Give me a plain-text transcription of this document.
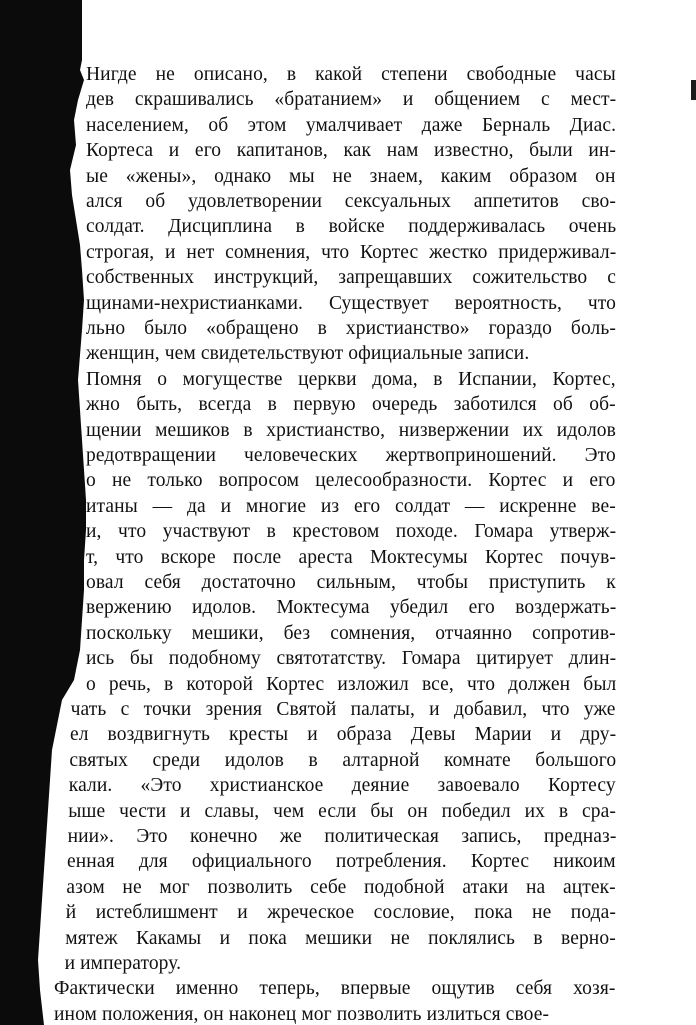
Нигде не описано, в какой степени свободные часы
дев скрашивались «братанием» и общением с мест-
населением, об этом умалчивает даже Берналь Диас.
Кортеса и его капитанов, как нам известно, были ин-
ые «жены», однако мы не знаем, каким образом он
ался об удовлетворении сексуальных аппетитов сво-
солдат. Дисциплина в войске поддерживалась очень
строгая, и нет сомнения, что Кортес жестко придерживал-
собственных инструкций, запрещавших сожительство с
щинами-нехристианками. Существует вероятность, что
льно было «обращено в христианство» гораздо боль-
женщин, чем свидетельствуют официальные записи.
Помня о могуществе церкви дома, в Испании, Кортес,
жно быть, всегда в первую очередь заботился об об-
щении мешиков в христианство, низвержении их идолов
редотвращении человеческих жертвоприношений. Это
о не только вопросом целесообразности. Кортес и его
итаны — да и многие из его солдат — искренне ве-
и, что участвуют в крестовом походе. Гомара утверж-
т, что вскоре после ареста Моктесумы Кортес почув-
овал себя достаточно сильным, чтобы приступить к
вержению идолов. Моктесума убедил его воздержать-
поскольку мешики, без сомнения, отчаянно сопротив-
ись бы подобному святотатству. Гомара цитирует длин-
о речь, в которой Кортес изложил все, что должен был
чать с точки зрения Святой палаты, и добавил, что уже
ел воздвигнуть кресты и образа Девы Марии и дру-
святых среди идолов в алтарной комнате большого
кали. «Это христианское деяние завоевало Кортесу
ыше чести и славы, чем если бы он победил их в сра-
нии». Это конечно же политическая запись, предназ-
енная для официального потребления. Кортес никоим
азом не мог позволить себе подобной атаки на ацтек-
й истеблишмент и жреческое сословие, пока не пода-
мятеж Какамы и пока мешики не поклялись в верно-
и императору.
Фактически именно теперь, впервые ощутив себя хозя-
ином положения, он наконец мог позволить излиться свое-
